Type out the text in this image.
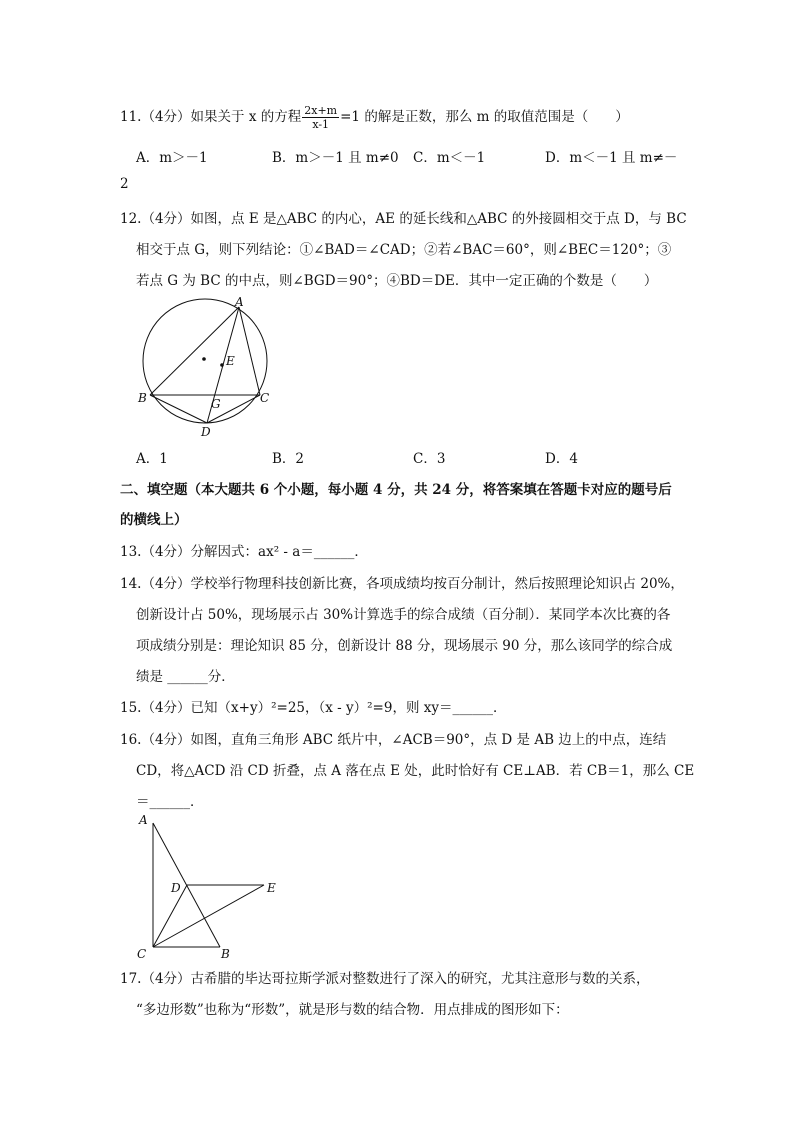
11.（4分）如果关于 x 的方程 $\frac{2x+m}{x-1} =1$ 的解是正数，那么 m 的取值范围是（　　）
A．m＞－1	B．m＞－1 且 m≠0 C．m＜－1	D．m＜－1 且 m≠－
2
12.（4分）如图，点 E 是△ABC 的内心，AE 的延长线和△ABC 的外接圆相交于点 D，与 BC
相交于点 G，则下列结论：①∠BAD＝∠CAD；②若∠BAC＝60°，则∠BEC＝120°；③
若点 G 为 BC 的中点，则∠BGD＝90°；④BD＝DE．其中一定正确的个数是（　　）
A
E
B	C
G
D
A．1	B．2	C．3	D．4
二、填空题（本大题共 6 个小题，每小题 4 分，共 24 分，将答案填在答题卡对应的题号后
的横线上）
13.（4分）分解因式：ax² - a＝______．
14.（4分）学校举行物理科技创新比赛，各项成绩均按百分制计，然后按照理论知识占 20%，
创新设计占 50%，现场展示占 30%计算选手的综合成绩（百分制）．某同学本次比赛的各
项成绩分别是：理论知识 85 分，创新设计 88 分，现场展示 90 分，那么该同学的综合成
绩是 ______分．
15.（4分）已知（x+y）²=25，（x - y）²=9，则 xy＝______．
16.（4分）如图，直角三角形 ABC 纸片中，∠ACB＝90°，点 D 是 AB 边上的中点，连结
CD，将△ACD 沿 CD 折叠，点 A 落在点 E 处，此时恰好有 CE⊥AB．若 CB＝1，那么 CE
＝______．
A
D	E
C	B
17.（4分）古希腊的毕达哥拉斯学派对整数进行了深入的研究，尤其注意形与数的关系，
“多边形数”也称为“形数”，就是形与数的结合物．用点排成的图形如下：
